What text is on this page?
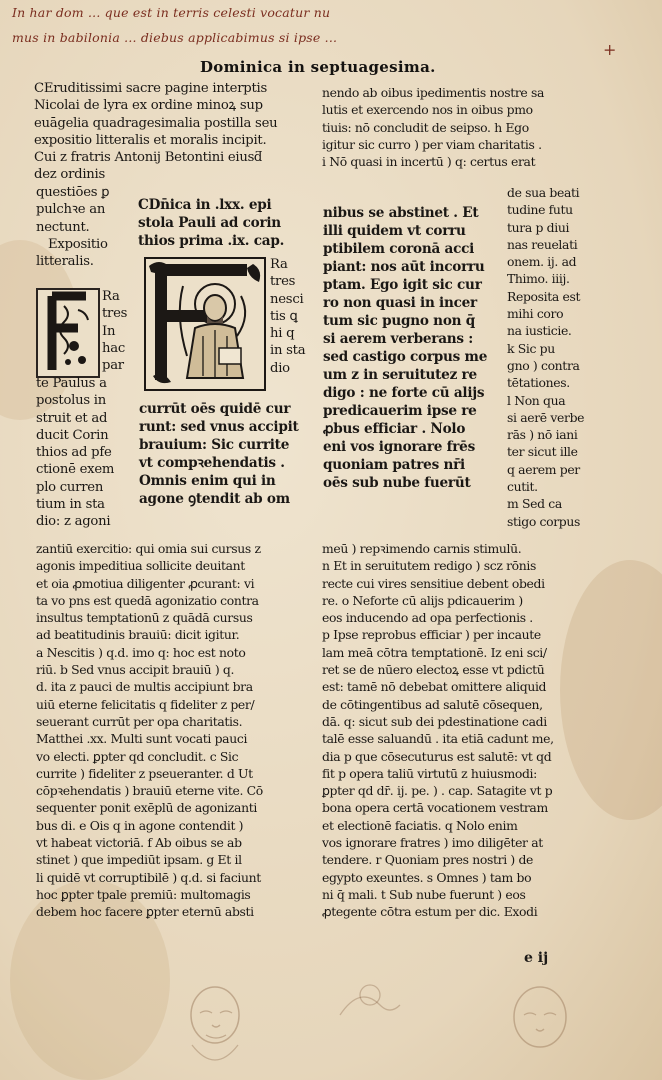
In har dom ... que est in terris celesti vocatur nu
mus in babilonia ... diebus applicabimus si ipse ...
+
Dominica in septuagesima.
CEruditissimi sacre pagine interptis
Nicolai de lyra ex ordine minoꝝ sup
euāgelia quadragesimalia postilla seu
expositio litteralis et moralis incipit.
Cui z fratris Antonij Betontini eiusƌ
dez ordinis
questiōes ꝑ
pulchꝛe an
nectunt.
Expositio
litteralis.
Ra
tres
In
hac
par
te Paulus a
postolus in
struit et ad
ducit Corin
thios ad pfe
ctionē exem
plo curren
tium in sta
dio: z agoni
CDn̄ica in .lxx. epi
stola Pauli ad corin
thios prima .ix. cap.
Ra
tres
nesci
tis ꝗ
hi q
in sta
dio
currūt oēs quidē cur
runt: sed vnus accipit
brauium: Sic currite
vt compꝛehendatis .
Omnis enim qui in
agone ꝯtendit ab om
nendo ab oibus ipedimentis nostre sa
lutis et exercendo nos in oibus pmo
tiuis: nō concludit de seipso. h Ego
igitur sic curro ) per viam charitatis .
i Nō quasi in incertū ) q: certus erat
nibus se abstinet . Et
illi quidem vt corru
ptibilem coronā acci
piant: nos aūt incorru
ptam. Ego igit sic cur
ro non quasi in incer
tum sic pugno non q̄
si aerem verberans :
sed castigo corpus me
um z in seruitutez re
digo : ne forte cū alijs
predicauerim ipse re
ꝓbus efficiar . Nolo
eni vos ignorare frēs
quoniam patres nr̄i
oēs sub nube fuerūt
de sua beati
tudine futu
tura p diui
nas reuelati
onem. ij. ad
Thimo. iiij.
Reposita est
mihi coro
na iusticie.
k Sic pu
gno ) contra
tētationes.
l Non qua
si aerē verbe
rās ) nō iani
ter sicut ille
q aerem per
cutit.
m Sed ca
stigo corpus
zantiū exercitio: qui omia sui cursus z
agonis impeditiua sollicite deuitant
et oia ꝓmotiua diligenter ꝓcurant: vi
ta vo pns est quedā agonizatio contra
insultus temptationū z quādā cursus
ad beatitudinis brauiū: dicit igitur.
a Nescitis ) q.d. imo q: hoc est noto
riū. b Sed vnus accipit brauiū ) q.
d. ita z pauci de multis accipiunt bra
uiū eterne felicitatis q fideliter z per/
seuerant currūt per opa charitatis.
Matthei .xx. Multi sunt vocati pauci
vo electi. ꝑpter qd concludit. c Sic
currite ) fideliter z pseueranter. d Ut
cōpꝛehendatis ) brauiū eterne vite. Cō
sequenter ponit exēplū de agonizanti
bus di. e Ois q in agone contendit )
vt habeat victoriā. f Ab oibus se ab
stinet ) que impediūt ipsam. g Et il
li quidē vt corruptibilē ) q.d. si faciunt
hoc ꝑpter tpale premiū: multomagis
debem hoc facere ꝑpter eternū absti
meū ) repꝛimendo carnis stimulū.
n Et in seruitutem redigo ) scz rōnis
recte cui vires sensitiue debent obedi
re. o Neforte cū alijs pdicauerim )
eos inducendo ad opa perfectionis .
p Ipse reprobus efficiar ) per incaute
lam meā cōtra temptationē. Iz eni sci/
ret se de nūero electoꝝ esse vt pdictū
est: tamē nō debebat omittere aliquid
de cōtingentibus ad salutē cōsequen,
dā. q: sicut sub dei pdestinatione cadi
talē esse saluandū . ita etiā cadunt me,
dia p que cōsecuturus est salutē: vt qd
fit p opera taliū virtutū z huiusmodi:
ꝑpter qd dr̄. ij. pe. ) . cap. Satagite vt p
bona opera certā vocationem vestram
et electionē faciatis. q Nolo enim
vos ignorare fratres ) imo diligēter at
tendere. r Quoniam pres nostri ) de
egypto exeuntes. s Omnes ) tam bo
ni q̄ mali. t Sub nube fuerunt ) eos
ꝓtegente cōtra estum per dic. Exodi
e ij
